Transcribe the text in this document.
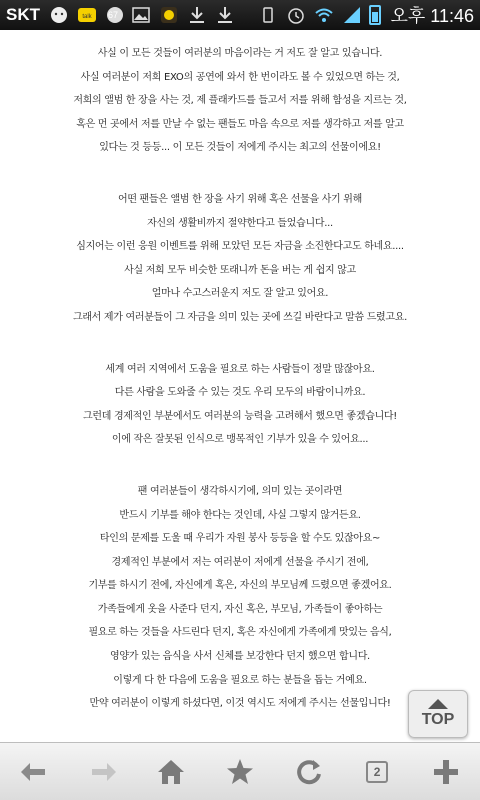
SKT	talk 67	오후 11:46
사실 이 모든 것들이 여러분의 마음이라는 거 저도 잘 알고 있습니다.
사실 여러분이 저희 EXO의 공연에 와서 한 번이라도 볼 수 있었으면 하는 것,
저희의 앨범 한 장을 사는 것, 제 플래카드를 들고서 저를 위해 함성을 지르는 것,
혹은 먼 곳에서 저를 만날 수 없는 팬들도 마음 속으로 저를 생각하고 저를 알고
있다는 것 등등... 이 모든 것들이 저에게 주시는 최고의 선물이에요!
어떤 팬들은 앨범 한 장을 사기 위해 혹은 선물을 사기 위해
자신의 생활비까지 절약한다고 들었습니다...
심지어는 이런 응원 이벤트를 위해 모았던 모든 자금을 소진한다고도 하네요....
사실 저희 모두 비슷한 또래니까 돈을 버는 게 쉽지 않고
얼마나 수고스러운지 저도 잘 알고 있어요.
그래서 제가 여러분들이 그 자금을 의미 있는 곳에 쓰길 바란다고 말씀 드렸고요.
세계 여러 지역에서 도움을 필요로 하는 사람들이 정말 많잖아요.
다른 사람을 도와줄 수 있는 것도 우리 모두의 바람이니까요.
그런데 경제적인 부분에서도 여러분의 능력을 고려해서 했으면 좋겠습니다!
이에 작은 잘못된 인식으로 맹목적인 기부가 있을 수 있어요...
팬 여러분들이 생각하시기에, 의미 있는 곳이라면
반드시 기부를 해야 한다는 것인데, 사실 그렇지 않거든요.
타인의 문제를 도울 때 우리가 자원 봉사 등등을 할 수도 있잖아요~
경제적인 부분에서 저는 여러분이 저에게 선물을 주시기 전에,
기부를 하시기 전에, 자신에게 혹은, 자신의 부모님께 드렸으면 좋겠어요.
가족들에게 옷을 사준다 던지, 자신 혹은, 부모님, 가족들이 좋아하는
필요로 하는 것들을 사드린다 던지, 혹은 자신에게 가족에게 맛있는 음식,
영양가 있는 음식을 사서 신체를 보강한다 던지 했으면 합니다.
이렇게 다 한 다음에 도움을 필요로 하는 분들을 돕는 거예요.
만약 여러분이 이렇게 하셨다면, 이것 역시도 저에게 주시는 선물입니다!
TOP
2
